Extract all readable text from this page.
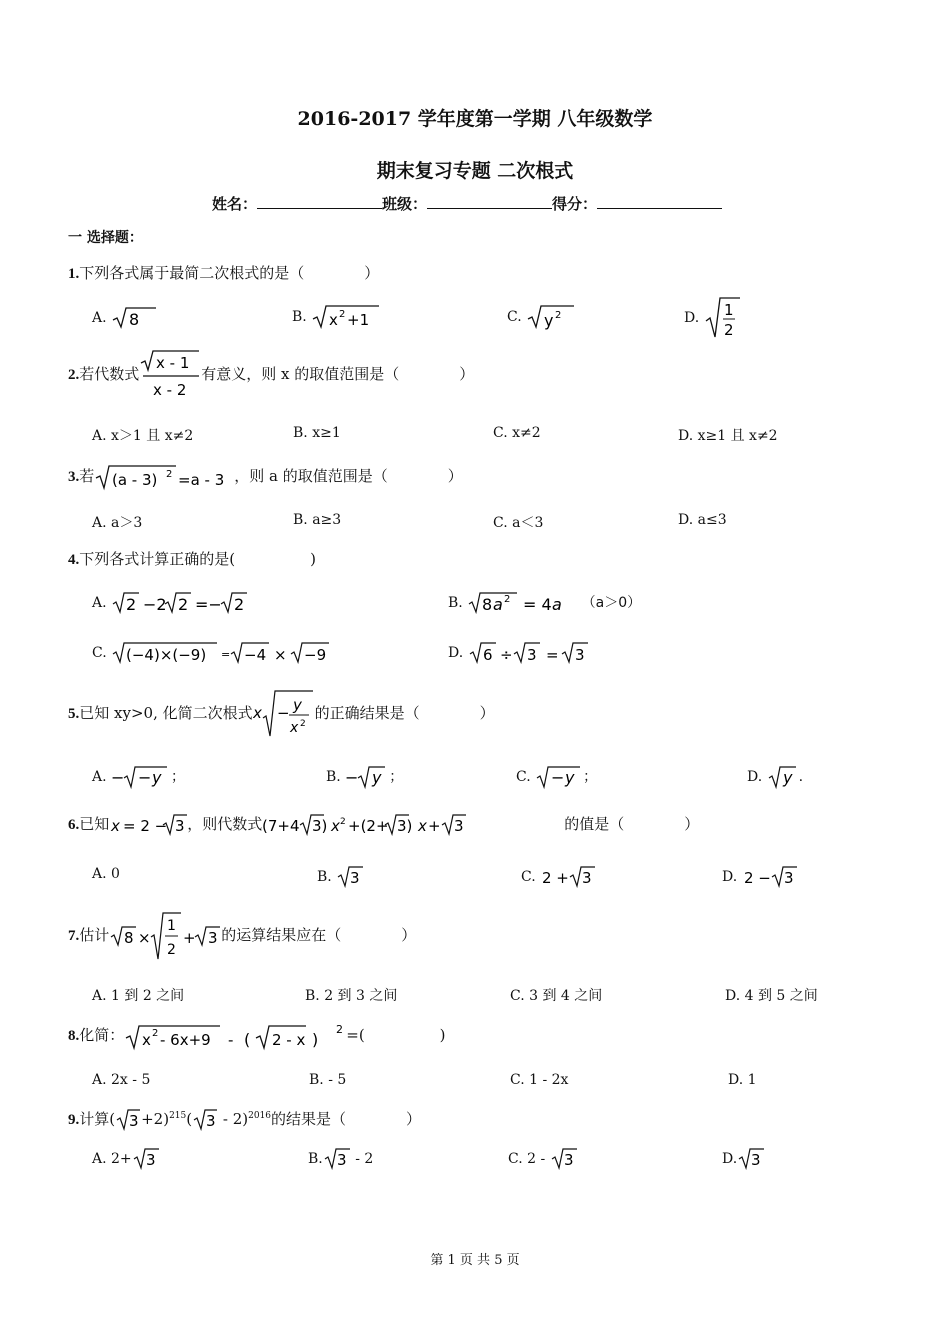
2016-2017 学年度第一学期 八年级数学
期末复习专题 二次根式
姓名：	班级：	得分：
一 选择题：
1.下列各式属于最简二次根式的是（　　　　）
A. 8	B. x 2 +1	C. y 2	D. 1
2
2.若代数式
x - 1
x - 2
有意义，则 x 的取值范围是（　　　　）
A. x＞1 且 x≠2	B. x≥1	C. x≠2	D. x≥1 且 x≠2
3.若 (a - 3) 2 =a - 3 ，则 a 的取值范围是（　　　　）
A. a＞3	B. a≥3	C. a＜3	D. a≤3
4.下列各式计算正确的是(　　　　　)
A. 2 −2 2 =− 2	B. 8 a 2 = 4 a （a＞0）
C. (−4)×(−9) = −4 × −9	D. 6 ÷ 3 = 3
5.已知 xy>0, 化简二次根式 x − y
x 2
的正确结果是（　　　　）
A. − − y ；	B. − y ；	C. − y ；	D. y .
6.已知 x = 2 − 3 ，则代数式 (7+4 3) x 2 +(2+ 3) x + 3	的值是（　　　　）
A. 0	B. 3	C. 2 + 3	D. 2 − 3
7.估计 8 ×
1
2
+ 3 的运算结果应在（　　　　）
A. 1 到 2 之间	B. 2 到 3 之间	C. 3 到 4 之间	D. 4 到 5 之间
8.化简： x 2 - 6x+9 - ( 2 - x )
2 =(　　　　　)
A. 2x - 5	B. - 5	C. 1 - 2x	D. 1
9.计算( 3 +2)$^{215}$( 3 - 2)$^{2016}$的结果是（　　　　）
A. 2+ 3	B. 3 - 2	C. 2 - 3	D. 3
第 1 页 共 5 页
